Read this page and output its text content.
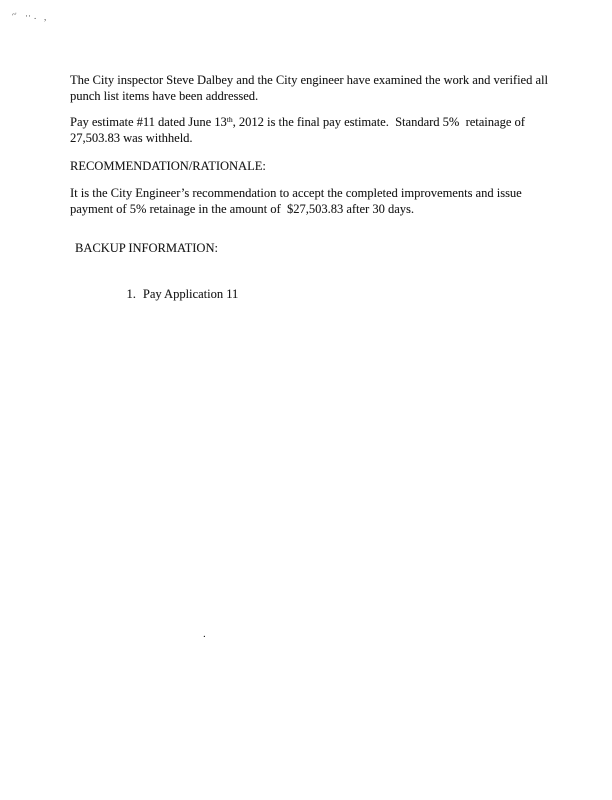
~ ·· . ,
The City inspector Steve Dalbey and the City engineer have examined the work and verified all
punch list items have been addressed.
Pay estimate #11 dated June 13th, 2012 is the final pay estimate.  Standard 5%  retainage of
27,503.83 was withheld.
RECOMMENDATION/RATIONALE:
It is the City Engineer’s recommendation to accept the completed improvements and issue
payment of 5% retainage in the amount of  $27,503.83 after 30 days.
BACKUP INFORMATION:

1. Pay Application 11

.
